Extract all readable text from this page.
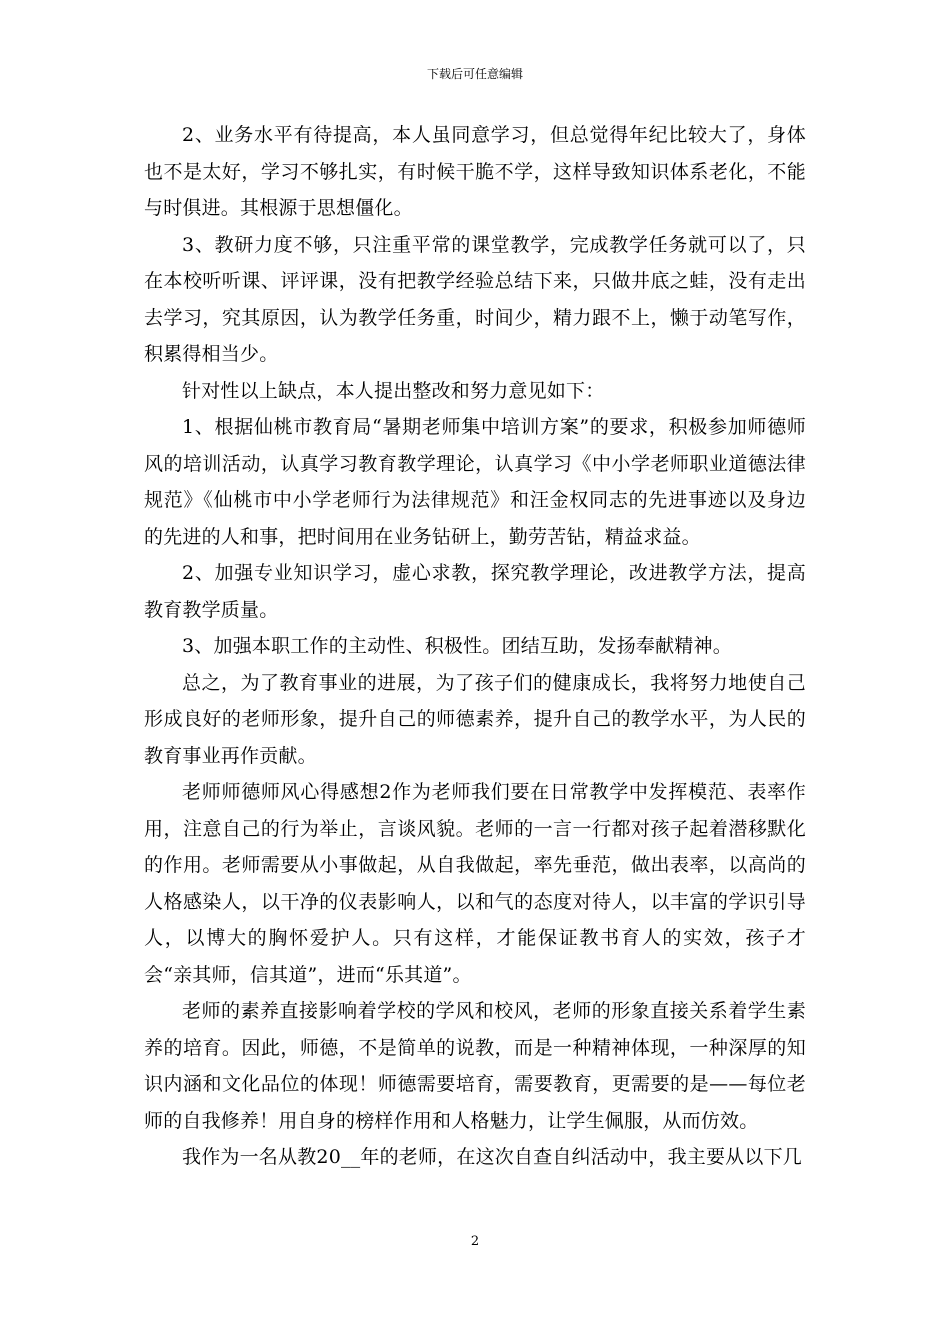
下载后可任意编辑

2、业务水平有待提高，本人虽同意学习，但总觉得年纪比较大了，身体也不是太好，学习不够扎实，有时候干脆不学，这样导致知识体系老化，不能与时俱进。其根源于思想僵化。

3、教研力度不够，只注重平常的课堂教学，完成教学任务就可以了，只在本校听听课、评评课，没有把教学经验总结下来，只做井底之蛙，没有走出去学习，究其原因，认为教学任务重，时间少，精力跟不上，懒于动笔写作，积累得相当少。

针对性以上缺点，本人提出整改和努力意见如下：

1、根据仙桃市教育局“暑期老师集中培训方案”的要求，积极参加师德师风的培训活动，认真学习教育教学理论，认真学习《中小学老师职业道德法律规范》《仙桃市中小学老师行为法律规范》和汪金权同志的先进事迹以及身边的先进的人和事，把时间用在业务钻研上，勤劳苦钻，精益求益。

2、加强专业知识学习，虚心求教，探究教学理论，改进教学方法，提高教育教学质量。

3、加强本职工作的主动性、积极性。团结互助，发扬奉献精神。

总之，为了教育事业的进展，为了孩子们的健康成长，我将努力地使自己形成良好的老师形象，提升自己的师德素养，提升自己的教学水平，为人民的教育事业再作贡献。

老师师德师风心得感想2作为老师我们要在日常教学中发挥模范、表率作用，注意自己的行为举止，言谈风貌。老师的一言一行都对孩子起着潜移默化的作用。老师需要从小事做起，从自我做起，率先垂范，做出表率，以高尚的人格感染人，以干净的仪表影响人，以和气的态度对待人，以丰富的学识引导人，以博大的胸怀爱护人。只有这样，才能保证教书育人的实效，孩子才会“亲其师，信其道”，进而“乐其道”。

老师的素养直接影响着学校的学风和校风，老师的形象直接关系着学生素养的培育。因此，师德，不是简单的说教，而是一种精神体现，一种深厚的知识内涵和文化品位的体现！师德需要培育，需要教育，更需要的是——每位老师的自我修养！用自身的榜样作用和人格魅力，让学生佩服，从而仿效。

我作为一名从教20__年的老师，在这次自查自纠活动中，我主要从以下几

2
